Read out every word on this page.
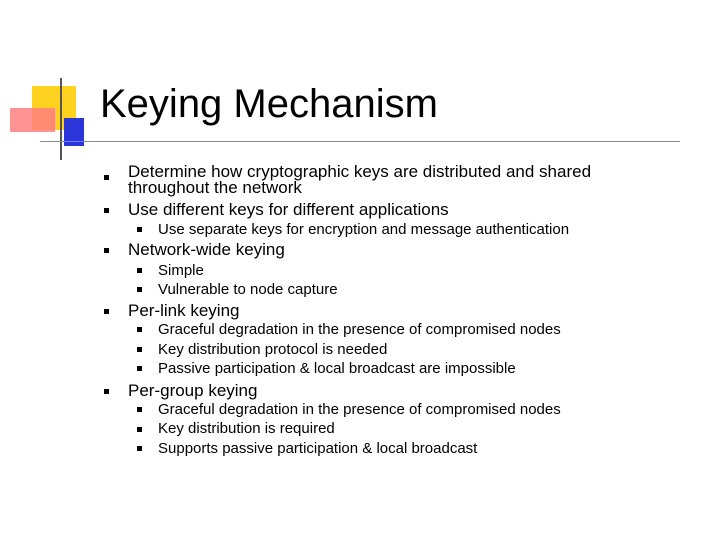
Keying Mechanism
Determine how cryptographic keys are distributed and shared
throughout the network
Use different keys for different applications
Use separate keys for encryption and message authentication
Network-wide keying
Simple
Vulnerable to node capture
Per-link keying
Graceful degradation in the presence of compromised nodes
Key distribution protocol is needed
Passive participation & local broadcast are impossible
Per-group keying
Graceful degradation in the presence of compromised nodes
Key distribution is required
Supports passive participation & local broadcast
